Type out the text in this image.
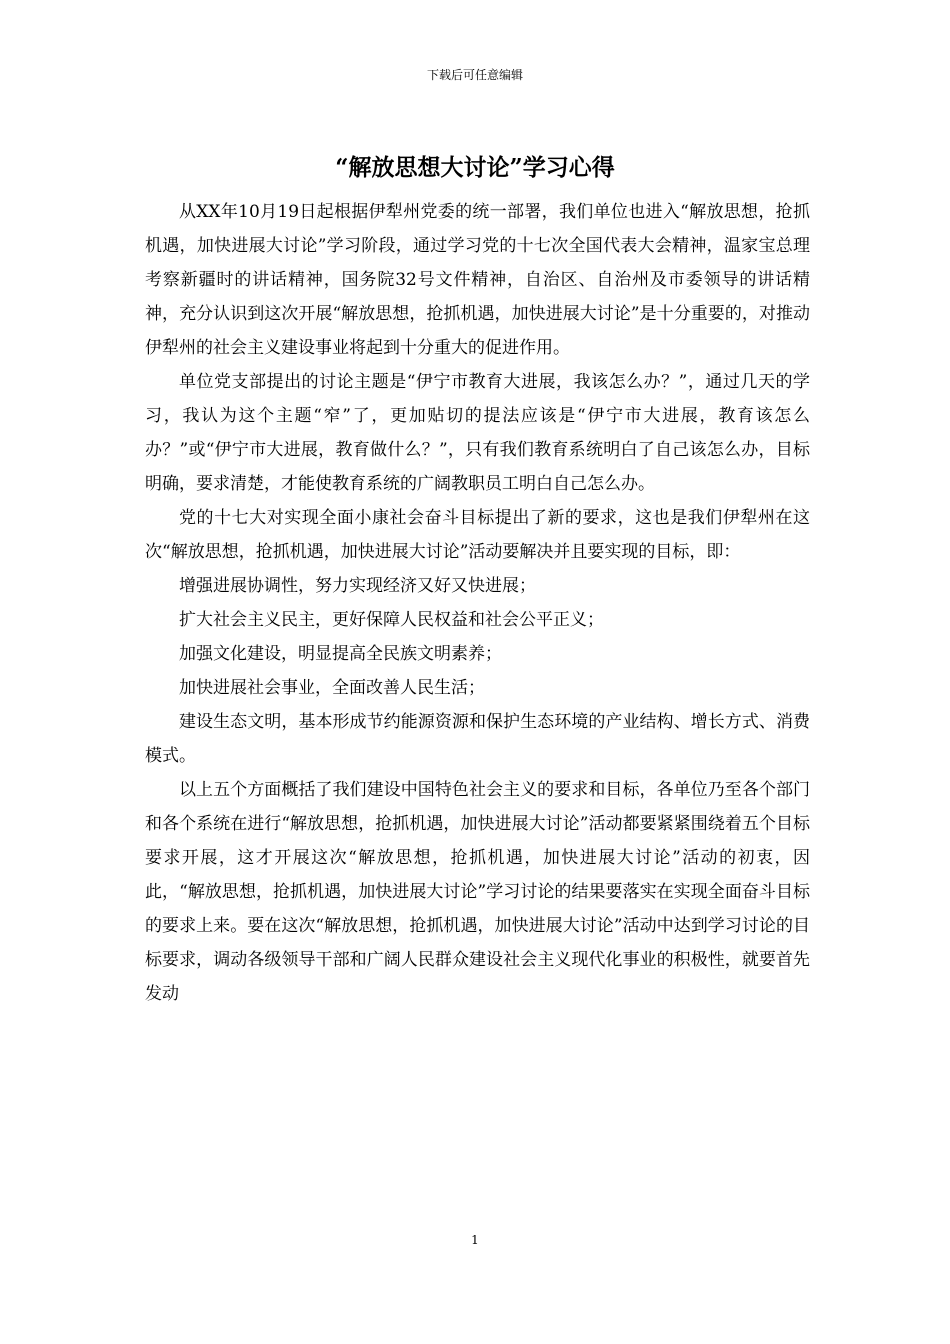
下载后可任意编辑
“解放思想大讨论”学习心得

从XX年10月19日起根据伊犁州党委的统一部署，我们单位也进入“解放思想，抢抓机遇，加快进展大讨论”学习阶段，通过学习党的十七次全国代表大会精神，温家宝总理考察新疆时的讲话精神，国务院32号文件精神，自治区、自治州及市委领导的讲话精神，充分认识到这次开展“解放思想，抢抓机遇，加快进展大讨论”是十分重要的，对推动伊犁州的社会主义建设事业将起到十分重大的促进作用。

单位党支部提出的讨论主题是“伊宁市教育大进展，我该怎么办？”，通过几天的学习，我认为这个主题“窄”了，更加贴切的提法应该是“伊宁市大进展，教育该怎么办？”或“伊宁市大进展，教育做什么？”，只有我们教育系统明白了自己该怎么办，目标明确，要求清楚，才能使教育系统的广阔教职员工明白自己怎么办。

党的十七大对实现全面小康社会奋斗目标提出了新的要求，这也是我们伊犁州在这次“解放思想，抢抓机遇，加快进展大讨论”活动要解决并且要实现的目标，即：

增强进展协调性，努力实现经济又好又快进展；

扩大社会主义民主，更好保障人民权益和社会公平正义；

加强文化建设，明显提高全民族文明素养；

加快进展社会事业，全面改善人民生活；

建设生态文明，基本形成节约能源资源和保护生态环境的产业结构、增长方式、消费模式。

以上五个方面概括了我们建设中国特色社会主义的要求和目标，各单位乃至各个部门和各个系统在进行“解放思想，抢抓机遇，加快进展大讨论”活动都要紧紧围绕着五个目标要求开展，这才开展这次“解放思想，抢抓机遇，加快进展大讨论”活动的初衷，因此，“解放思想，抢抓机遇，加快进展大讨论”学习讨论的结果要落实在实现全面奋斗目标的要求上来。要在这次“解放思想，抢抓机遇，加快进展大讨论”活动中达到学习讨论的目标要求，调动各级领导干部和广阔人民群众建设社会主义现代化事业的积极性，就要首先发动

1
